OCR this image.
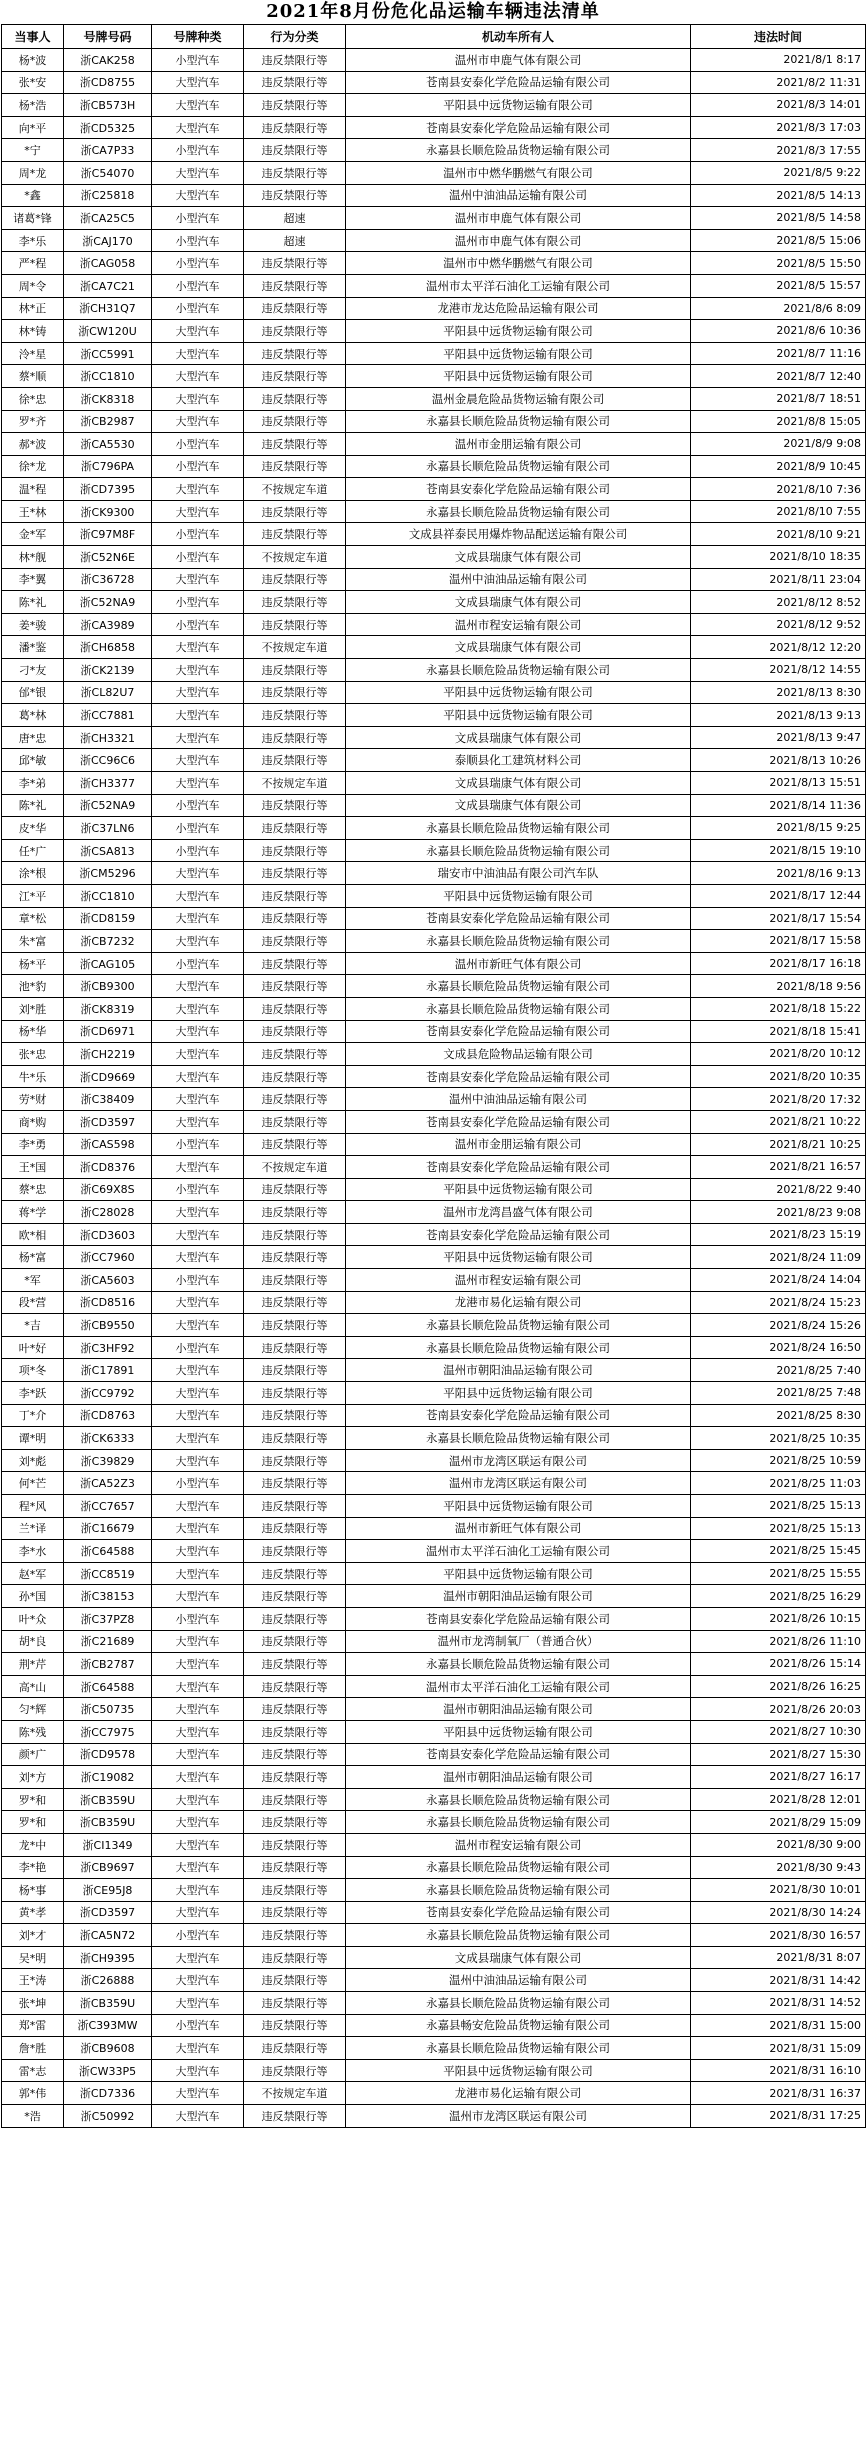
2021年8月份危化品运输车辆违法清单
当事人	号牌号码	号牌种类	行为分类	机动车所有人	违法时间
杨*波	浙CAK258	小型汽车	违反禁限行等	温州市申鹿气体有限公司	2021/8/1 8:17
张*安	浙CD8755	大型汽车	违反禁限行等	苍南县安泰化学危险品运输有限公司	2021/8/2 11:31
杨*浩	浙CB573H	大型汽车	违反禁限行等	平阳县中远货物运输有限公司	2021/8/3 14:01
向*平	浙CD5325	大型汽车	违反禁限行等	苍南县安泰化学危险品运输有限公司	2021/8/3 17:03
*宁	浙CA7P33	小型汽车	违反禁限行等	永嘉县长顺危险品货物运输有限公司	2021/8/3 17:55
周*龙	浙C54070	大型汽车	违反禁限行等	温州市中燃华鹏燃气有限公司	2021/8/5 9:22
*鑫	浙C25818	大型汽车	违反禁限行等	温州中油油品运输有限公司	2021/8/5 14:13
诸葛*锋	浙CA25C5	小型汽车	超速	温州市申鹿气体有限公司	2021/8/5 14:58
李*乐	浙CAJ170	小型汽车	超速	温州市申鹿气体有限公司	2021/8/5 15:06
严*程	浙CAG058	小型汽车	违反禁限行等	温州市中燃华鹏燃气有限公司	2021/8/5 15:50
周*令	浙CA7C21	小型汽车	违反禁限行等	温州市太平洋石油化工运输有限公司	2021/8/5 15:57
林*正	浙CH31Q7	小型汽车	违反禁限行等	龙港市龙达危险品运输有限公司	2021/8/6 8:09
林*铸	浙CW120U	大型汽车	违反禁限行等	平阳县中远货物运输有限公司	2021/8/6 10:36
泠*星	浙CC5991	大型汽车	违反禁限行等	平阳县中远货物运输有限公司	2021/8/7 11:16
蔡*顺	浙CC1810	大型汽车	违反禁限行等	平阳县中远货物运输有限公司	2021/8/7 12:40
徐*忠	浙CK8318	大型汽车	违反禁限行等	温州金晨危险品货物运输有限公司	2021/8/7 18:51
罗*齐	浙CB2987	大型汽车	违反禁限行等	永嘉县长顺危险品货物运输有限公司	2021/8/8 15:05
郝*波	浙CA5530	小型汽车	违反禁限行等	温州市金朋运输有限公司	2021/8/9 9:08
徐*龙	浙C796PA	小型汽车	违反禁限行等	永嘉县长顺危险品货物运输有限公司	2021/8/9 10:45
温*程	浙CD7395	大型汽车	不按规定车道	苍南县安泰化学危险品运输有限公司	2021/8/10 7:36
王*林	浙CK9300	大型汽车	违反禁限行等	永嘉县长顺危险品货物运输有限公司	2021/8/10 7:55
金*军	浙C97M8F	小型汽车	违反禁限行等	文成县祥泰民用爆炸物品配送运输有限公司	2021/8/10 9:21
林*舰	浙C52N6E	小型汽车	不按规定车道	文成县瑞康气体有限公司	2021/8/10 18:35
李*翼	浙C36728	大型汽车	违反禁限行等	温州中油油品运输有限公司	2021/8/11 23:04
陈*礼	浙C52NA9	小型汽车	违反禁限行等	文成县瑞康气体有限公司	2021/8/12 8:52
姜*骏	浙CA3989	小型汽车	违反禁限行等	温州市程安运输有限公司	2021/8/12 9:52
潘*鉴	浙CH6858	大型汽车	不按规定车道	文成县瑞康气体有限公司	2021/8/12 12:20
刁*友	浙CK2139	大型汽车	违反禁限行等	永嘉县长顺危险品货物运输有限公司	2021/8/12 14:55
邰*银	浙CL82U7	大型汽车	违反禁限行等	平阳县中远货物运输有限公司	2021/8/13 8:30
葛*林	浙CC7881	大型汽车	违反禁限行等	平阳县中远货物运输有限公司	2021/8/13 9:13
唐*忠	浙CH3321	大型汽车	违反禁限行等	文成县瑞康气体有限公司	2021/8/13 9:47
邱*敏	浙CC96C6	大型汽车	违反禁限行等	泰顺县化工建筑材料公司	2021/8/13 10:26
李*弟	浙CH3377	大型汽车	不按规定车道	文成县瑞康气体有限公司	2021/8/13 15:51
陈*礼	浙C52NA9	小型汽车	违反禁限行等	文成县瑞康气体有限公司	2021/8/14 11:36
皮*华	浙C37LN6	小型汽车	违反禁限行等	永嘉县长顺危险品货物运输有限公司	2021/8/15 9:25
任*广	浙CSA813	小型汽车	违反禁限行等	永嘉县长顺危险品货物运输有限公司	2021/8/15 19:10
涂*根	浙CM5296	大型汽车	违反禁限行等	瑞安市中油油品有限公司汽车队	2021/8/16 9:13
江*平	浙CC1810	大型汽车	违反禁限行等	平阳县中远货物运输有限公司	2021/8/17 12:44
章*松	浙CD8159	大型汽车	违反禁限行等	苍南县安泰化学危险品运输有限公司	2021/8/17 15:54
朱*富	浙CB7232	大型汽车	违反禁限行等	永嘉县长顺危险品货物运输有限公司	2021/8/17 15:58
杨*平	浙CAG105	小型汽车	违反禁限行等	温州市新旺气体有限公司	2021/8/17 16:18
池*豹	浙CB9300	大型汽车	违反禁限行等	永嘉县长顺危险品货物运输有限公司	2021/8/18 9:56
刘*胜	浙CK8319	大型汽车	违反禁限行等	永嘉县长顺危险品货物运输有限公司	2021/8/18 15:22
杨*华	浙CD6971	大型汽车	违反禁限行等	苍南县安泰化学危险品运输有限公司	2021/8/18 15:41
张*忠	浙CH2219	大型汽车	违反禁限行等	文成县危险物品运输有限公司	2021/8/20 10:12
牛*乐	浙CD9669	大型汽车	违反禁限行等	苍南县安泰化学危险品运输有限公司	2021/8/20 10:35
劳*财	浙C38409	大型汽车	违反禁限行等	温州中油油品运输有限公司	2021/8/20 17:32
商*购	浙CD3597	大型汽车	违反禁限行等	苍南县安泰化学危险品运输有限公司	2021/8/21 10:22
李*勇	浙CAS598	小型汽车	违反禁限行等	温州市金朋运输有限公司	2021/8/21 10:25
王*国	浙CD8376	大型汽车	不按规定车道	苍南县安泰化学危险品运输有限公司	2021/8/21 16:57
蔡*忠	浙C69X8S	小型汽车	违反禁限行等	平阳县中远货物运输有限公司	2021/8/22 9:40
蒋*学	浙C28028	大型汽车	违反禁限行等	温州市龙湾昌盛气体有限公司	2021/8/23 9:08
欧*相	浙CD3603	大型汽车	违反禁限行等	苍南县安泰化学危险品运输有限公司	2021/8/23 15:19
杨*富	浙CC7960	大型汽车	违反禁限行等	平阳县中远货物运输有限公司	2021/8/24 11:09
*军	浙CA5603	小型汽车	违反禁限行等	温州市程安运输有限公司	2021/8/24 14:04
段*营	浙CD8516	大型汽车	违反禁限行等	龙港市易化运输有限公司	2021/8/24 15:23
*吉	浙CB9550	大型汽车	违反禁限行等	永嘉县长顺危险品货物运输有限公司	2021/8/24 15:26
叶*好	浙C3HF92	小型汽车	违反禁限行等	永嘉县长顺危险品货物运输有限公司	2021/8/24 16:50
项*冬	浙C17891	大型汽车	违反禁限行等	温州市朝阳油品运输有限公司	2021/8/25 7:40
李*跃	浙CC9792	大型汽车	违反禁限行等	平阳县中远货物运输有限公司	2021/8/25 7:48
丁*介	浙CD8763	大型汽车	违反禁限行等	苍南县安泰化学危险品运输有限公司	2021/8/25 8:30
谭*明	浙CK6333	大型汽车	违反禁限行等	永嘉县长顺危险品货物运输有限公司	2021/8/25 10:35
刘*彪	浙C39829	大型汽车	违反禁限行等	温州市龙湾区联运有限公司	2021/8/25 10:59
何*芒	浙CA52Z3	小型汽车	违反禁限行等	温州市龙湾区联运有限公司	2021/8/25 11:03
程*风	浙CC7657	大型汽车	违反禁限行等	平阳县中远货物运输有限公司	2021/8/25 15:13
兰*译	浙C16679	大型汽车	违反禁限行等	温州市新旺气体有限公司	2021/8/25 15:13
李*水	浙C64588	大型汽车	违反禁限行等	温州市太平洋石油化工运输有限公司	2021/8/25 15:45
赵*军	浙CC8519	大型汽车	违反禁限行等	平阳县中远货物运输有限公司	2021/8/25 15:55
孙*国	浙C38153	大型汽车	违反禁限行等	温州市朝阳油品运输有限公司	2021/8/25 16:29
叶*众	浙C37PZ8	小型汽车	违反禁限行等	苍南县安泰化学危险品运输有限公司	2021/8/26 10:15
胡*良	浙C21689	大型汽车	违反禁限行等	温州市龙湾制氧厂（普通合伙）	2021/8/26 11:10
荆*芹	浙CB2787	大型汽车	违反禁限行等	永嘉县长顺危险品货物运输有限公司	2021/8/26 15:14
高*山	浙C64588	大型汽车	违反禁限行等	温州市太平洋石油化工运输有限公司	2021/8/26 16:25
匀*辉	浙C50735	大型汽车	违反禁限行等	温州市朝阳油品运输有限公司	2021/8/26 20:03
陈*残	浙CC7975	大型汽车	违反禁限行等	平阳县中远货物运输有限公司	2021/8/27 10:30
颜*广	浙CD9578	大型汽车	违反禁限行等	苍南县安泰化学危险品运输有限公司	2021/8/27 15:30
刘*方	浙C19082	大型汽车	违反禁限行等	温州市朝阳油品运输有限公司	2021/8/27 16:17
罗*和	浙CB359U	大型汽车	违反禁限行等	永嘉县长顺危险品货物运输有限公司	2021/8/28 12:01
罗*和	浙CB359U	大型汽车	违反禁限行等	永嘉县长顺危险品货物运输有限公司	2021/8/29 15:09
龙*中	浙CI1349	大型汽车	违反禁限行等	温州市程安运输有限公司	2021/8/30 9:00
李*艳	浙CB9697	大型汽车	违反禁限行等	永嘉县长顺危险品货物运输有限公司	2021/8/30 9:43
杨*事	浙CE95J8	大型汽车	违反禁限行等	永嘉县长顺危险品货物运输有限公司	2021/8/30 10:01
黄*孝	浙CD3597	大型汽车	违反禁限行等	苍南县安泰化学危险品运输有限公司	2021/8/30 14:24
刘*才	浙CA5N72	小型汽车	违反禁限行等	永嘉县长顺危险品货物运输有限公司	2021/8/30 16:57
吴*明	浙CH9395	大型汽车	违反禁限行等	文成县瑞康气体有限公司	2021/8/31 8:07
王*涛	浙C26888	大型汽车	违反禁限行等	温州中油油品运输有限公司	2021/8/31 14:42
张*坤	浙CB359U	大型汽车	违反禁限行等	永嘉县长顺危险品货物运输有限公司	2021/8/31 14:52
郑*雷	浙C393MW	小型汽车	违反禁限行等	永嘉县畅安危险品货物运输有限公司	2021/8/31 15:00
詹*胜	浙CB9608	大型汽车	违反禁限行等	永嘉县长顺危险品货物运输有限公司	2021/8/31 15:09
雷*志	浙CW33P5	大型汽车	违反禁限行等	平阳县中远货物运输有限公司	2021/8/31 16:10
郭*伟	浙CD7336	大型汽车	不按规定车道	龙港市易化运输有限公司	2021/8/31 16:37
*浩	浙C50992	大型汽车	违反禁限行等	温州市龙湾区联运有限公司	2021/8/31 17:25
